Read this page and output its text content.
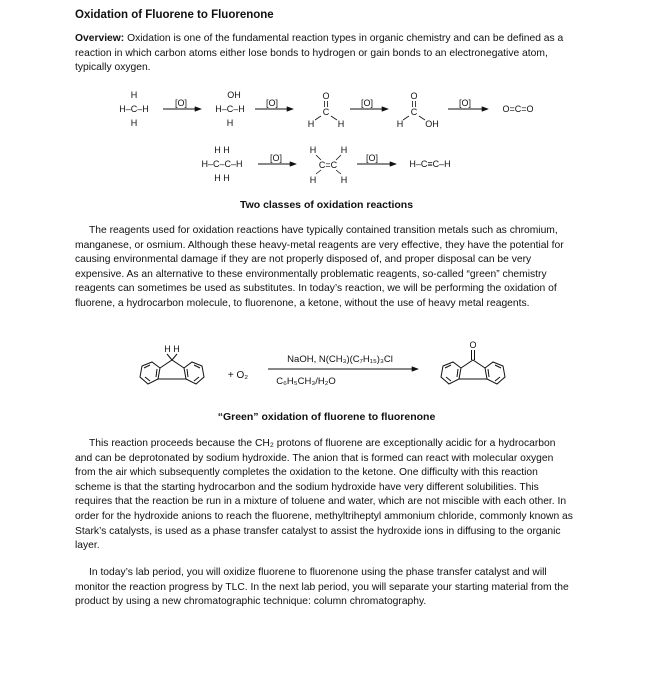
Oxidation of Fluorene to Fluorenone

Overview: Oxidation is one of the fundamental reaction types in organic chemistry and can be defined as a reaction in which carbon atoms either lose bonds to hydrogen or gain bonds to an electronegative atom, typically oxygen.

H
H–C–H
H
[O]
OH
H–C–H
H
[O]
O
C
H	H
[O]
O
C
H OH
[O]
O=C=O
H H
H–C–C–H
H H
[O]
H	H
C=C
H	H
[O]
H–C≡C–H
Two classes of oxidation reactions

The reagents used for oxidation reactions have typically contained transition metals such as chromium, manganese, or osmium. Although these heavy-metal reagents are very effective, they have the potential for causing environmental damage if they are not properly disposed of, and proper disposal can be very expensive. As an alternative to these environmentally problematic reagents, so-called “green” chemistry reagents can sometimes be used as substitutes. In today’s reaction, we will be performing the oxidation of fluorene, a hydrocarbon molecule, to fluorenone, a ketone, without the use of heavy metal reagents.

H H
+ O₂
NaOH, N(CH₃)(C₇H₁₅)₃Cl
C₆H₅CH₃/H₂O
O
“Green” oxidation of fluorene to fluorenone

This reaction proceeds because the CH₂ protons of fluorene are exceptionally acidic for a hydrocarbon and can be deprotonated by sodium hydroxide. The anion that is formed can react with molecular oxygen from the air which subsequently completes the oxidation to the ketone. One difficulty with this reaction scheme is that the starting hydrocarbon and the sodium hydroxide have very different solubilities. This requires that the reaction be run in a mixture of toluene and water, which are not miscible with each other. In order for the hydroxide anions to reach the fluorene, methyltriheptyl ammonium chloride, commonly known as Stark’s catalysts, is used as a phase transfer catalyst to assist the hydroxide ions in diffusing to the organic layer.

In today’s lab period, you will oxidize fluorene to fluorenone using the phase transfer catalyst and will monitor the reaction progress by TLC. In the next lab period, you will separate your starting material from the product by using a new chromatographic technique: column chromatography.
